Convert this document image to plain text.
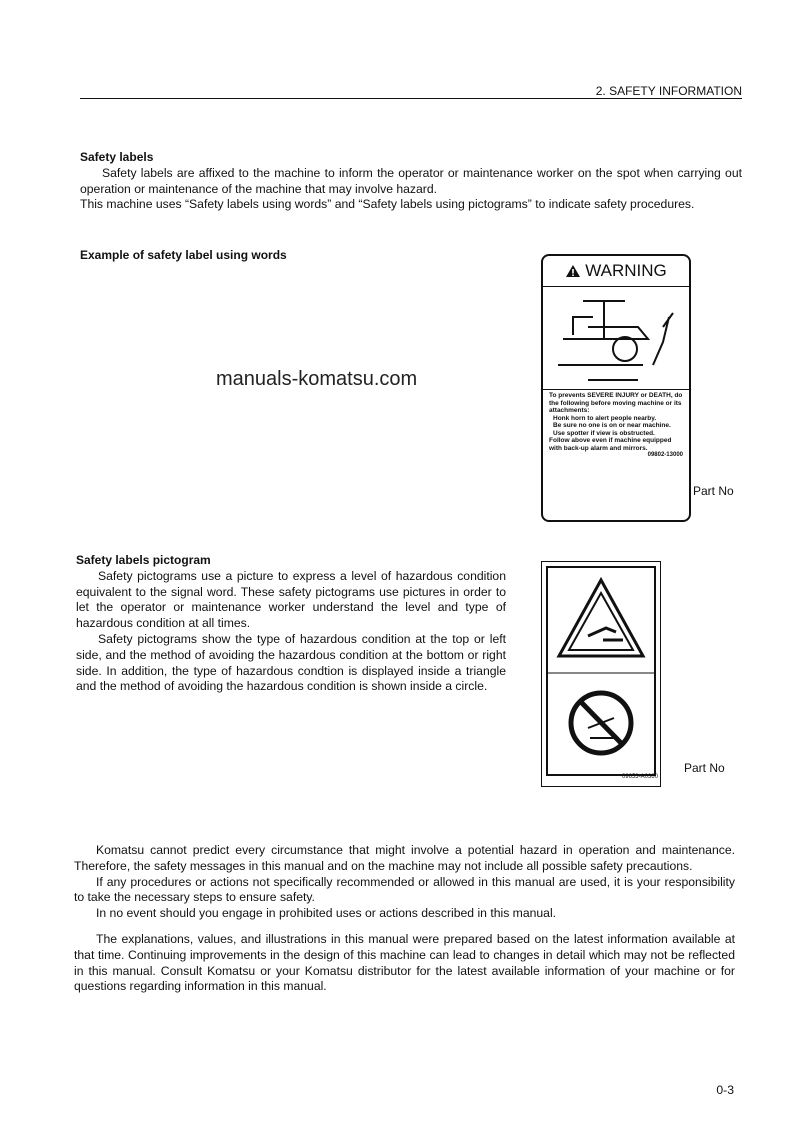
2. SAFETY INFORMATION
Safety labels

Safety labels are affixed to the machine to inform the operator or maintenance worker on the spot when carrying out operation or maintenance of the machine that may involve hazard.

This machine uses “Safety labels using words” and “Safety labels using pictograms” to indicate safety procedures.

Example of safety label using words
manuals-komatsu.com
WARNING
To prevents SEVERE INJURY or DEATH, do the following before moving machine or its attachments:
Honk horn to alert people nearby.
Be sure no one is on or near machine.
Use spotter if view is obstructed.
Follow above even if machine equipped with back-up alarm and mirrors.
09802-13000
Part No
Safety labels pictogram

Safety pictograms use a picture to express a level of hazardous condition equivalent to the signal word. These safety pictograms use pictures in order to let the operator or maintenance worker understand the level and type of hazardous condition at all times.

Safety pictograms show the type of hazardous condition at the top or left side, and the method of avoiding the hazardous condition at the bottom or right side. In addition, the type of hazardous condtion is displayed inside a triangle and the method of avoiding the hazardous condition is shown inside a circle.

09653-A0360
Part No

Komatsu cannot predict every circumstance that might involve a potential hazard in operation and maintenance. Therefore, the safety messages in this manual and on the machine may not include all possible safety precautions.

If any procedures or actions not specifically recommended or allowed in this manual are used, it is your responsibility to take the necessary steps to ensure safety.

In no event should you engage in prohibited uses or actions described in this manual.

The explanations, values, and illustrations in this manual were prepared based on the latest information available at that time. Continuing improvements in the design of this machine can lead to changes in detail which may not be reflected in this manual. Consult Komatsu or your Komatsu distributor for the latest available information of your machine or for questions regarding information in this manual.

0-3
